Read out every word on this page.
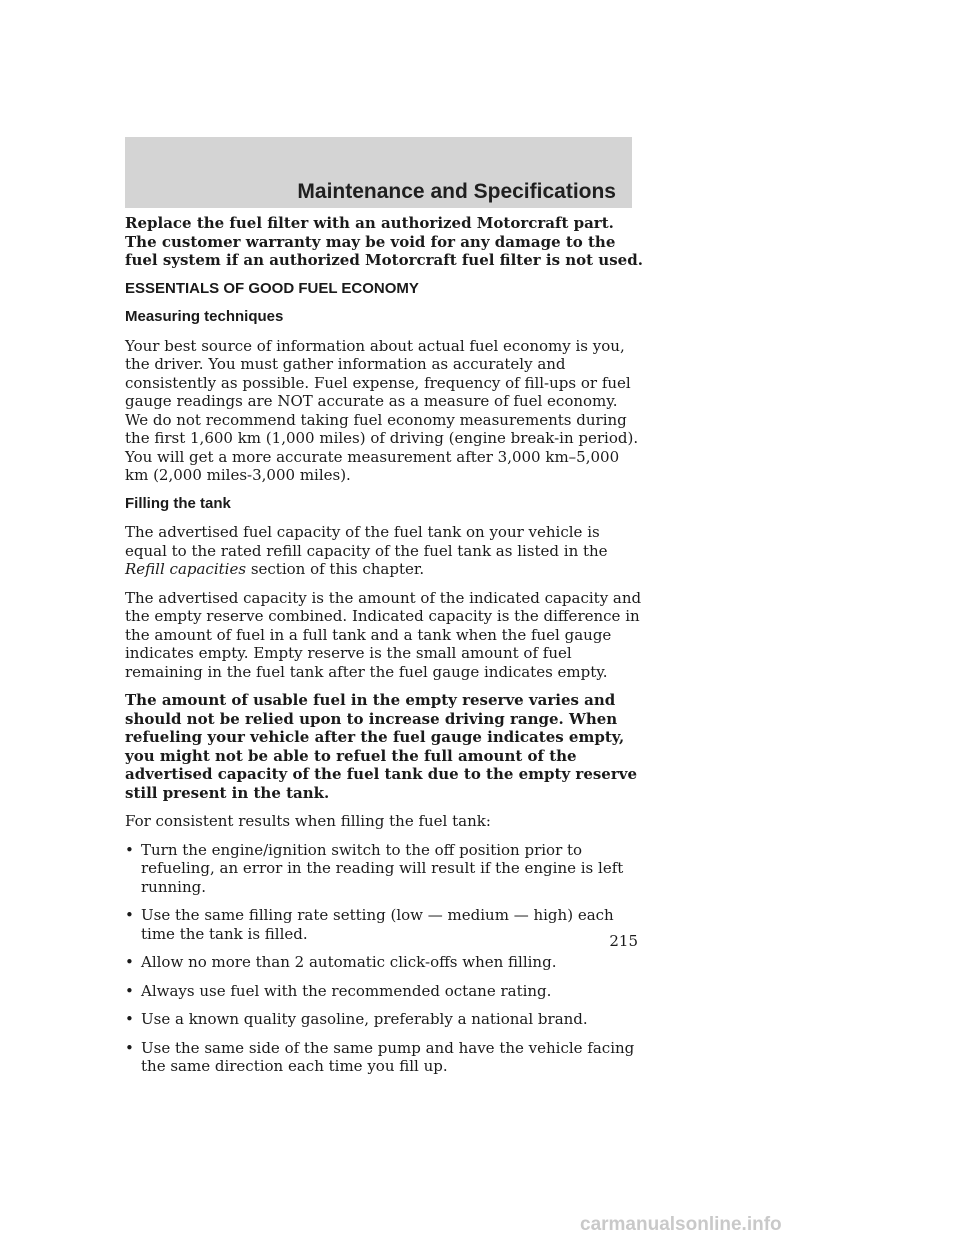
Maintenance and Specifications

Replace the fuel filter with an authorized Motorcraft part. The customer warranty may be void for any damage to the fuel system if an authorized Motorcraft fuel filter is not used.

ESSENTIALS OF GOOD FUEL ECONOMY
Measuring techniques

Your best source of information about actual fuel economy is you, the driver. You must gather information as accurately and consistently as possible. Fuel expense, frequency of fill-ups or fuel gauge readings are NOT accurate as a measure of fuel economy. We do not recommend taking fuel economy measurements during the first 1,600 km (1,000 miles) of driving (engine break-in period). You will get a more accurate measurement after 3,000 km–5,000 km (2,000 miles-3,000 miles).

Filling the tank

The advertised fuel capacity of the fuel tank on your vehicle is equal to the rated refill capacity of the fuel tank as listed in the Refill capacities section of this chapter.

The advertised capacity is the amount of the indicated capacity and the empty reserve combined. Indicated capacity is the difference in the amount of fuel in a full tank and a tank when the fuel gauge indicates empty. Empty reserve is the small amount of fuel remaining in the fuel tank after the fuel gauge indicates empty.

The amount of usable fuel in the empty reserve varies and should not be relied upon to increase driving range. When refueling your vehicle after the fuel gauge indicates empty, you might not be able to refuel the full amount of the advertised capacity of the fuel tank due to the empty reserve still present in the tank.

For consistent results when filling the fuel tank:

• Turn the engine/ignition switch to the off position prior to refueling, an error in the reading will result if the engine is left running.
• Use the same filling rate setting (low — medium — high) each time the tank is filled.
• Allow no more than 2 automatic click-offs when filling.
• Always use fuel with the recommended octane rating.
• Use a known quality gasoline, preferably a national brand.
• Use the same side of the same pump and have the vehicle facing the same direction each time you fill up.
215
carmanualsonline.info
